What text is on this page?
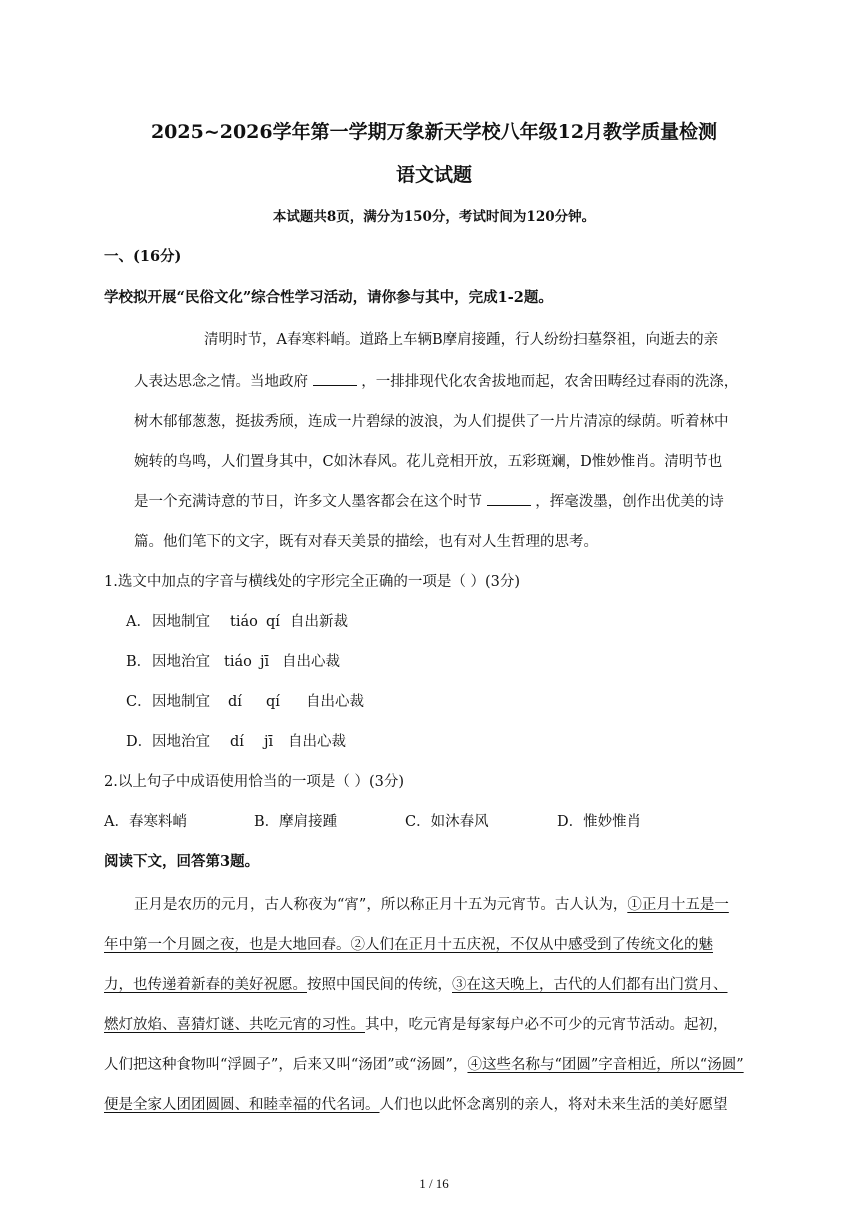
2025~2026学年第一学期万象新天学校八年级12月教学质量检测
语文试题
本试题共8页，满分为150分，考试时间为120分钟。
一、(16分)
学校拟开展“民俗文化”综合性学习活动，请你参与其中，完成1-2题。
清明时节，A春寒料峭。道路上车辆B摩肩接踵，行人纷纷扫墓祭祖，向逝去的亲
人表达思念之情。当地政府	，一排排现代化农舍拔地而起，农舍田畴经过春雨的洗涤，
树木郁郁葱葱，挺拔秀颀，连成一片碧绿的波浪，为人们提供了一片片清凉的绿荫。听着林中
婉转的鸟鸣，人们置身其中，C如沐春风。花儿竞相开放，五彩斑斓，D惟妙惟肖。清明节也
是一个充满诗意的节日，许多文人墨客都会在这个时节	，挥毫泼墨，创作出优美的诗
篇。他们笔下的文字，既有对春天美景的描绘，也有对人生哲理的思考。
1.选文中加点的字音与横线处的字形完全正确的一项是（ ）(3分)
A．因地制宜 tiáo qí 自出新裁
B．因地治宜 tiáo jī 自出心裁
C．因地制宜 dí qí 自出心裁
D．因地治宜 dí jī 自出心裁
2.以上句子中成语使用恰当的一项是（ ）(3分)
A．春寒料峭	B．摩肩接踵	C．如沐春风	D．惟妙惟肖
阅读下文，回答第3题。
正月是农历的元月，古人称夜为“宵”，所以称正月十五为元宵节。古人认为，①正月十五是一
年中第一个月圆之夜，也是大地回春。②人们在正月十五庆祝，不仅从中感受到了传统文化的魅
力，也传递着新春的美好祝愿。按照中国民间的传统，③在这天晚上，古代的人们都有出门赏月、
燃灯放焰、喜猜灯谜、共吃元宵的习性。其中，吃元宵是每家每户必不可少的元宵节活动。起初，
人们把这种食物叫“浮圆子”，后来又叫“汤团”或“汤圆”，④这些名称与“团圆”字音相近，所以“汤圆”
便是全家人团团圆圆、和睦幸福的代名词。人们也以此怀念离别的亲人，将对未来生活的美好愿望
1 / 16
